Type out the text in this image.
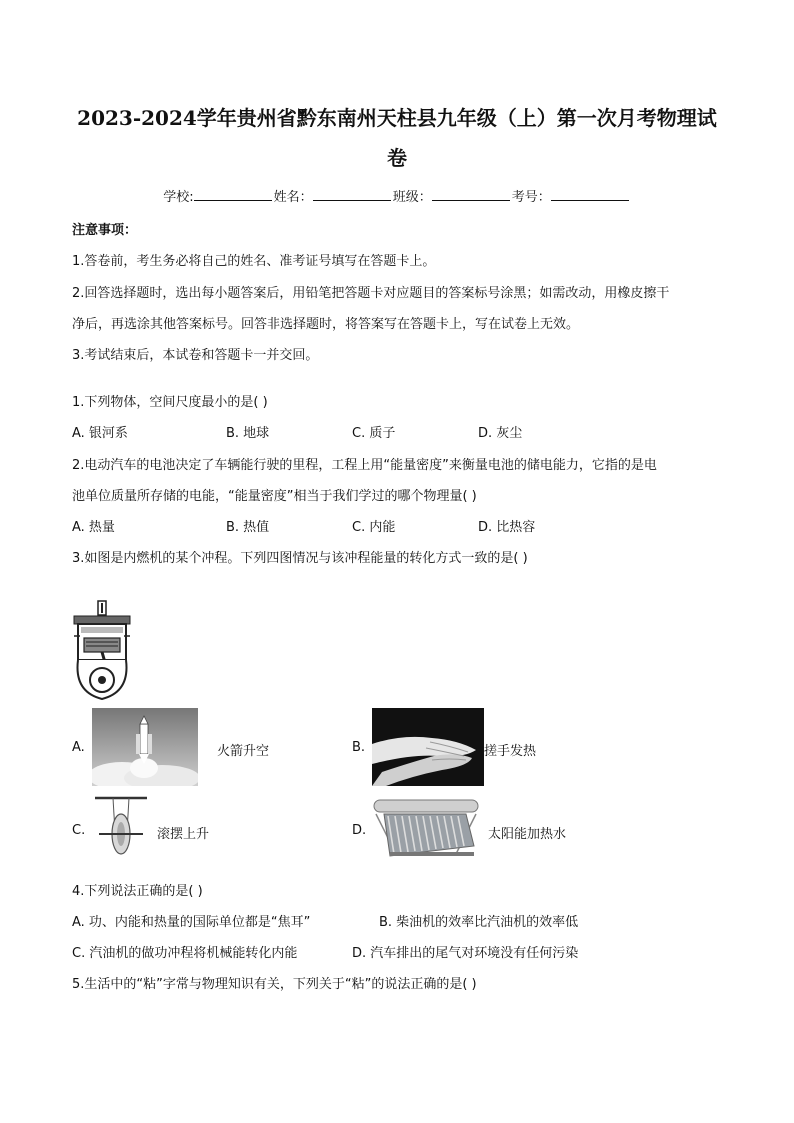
2023-2024学年贵州省黔东南州天柱县九年级（上）第一次月考物理试
卷
学校:	姓名：	班级：	考号：
注意事项：
1.答卷前，考生务必将自己的姓名、准考证号填写在答题卡上。
2.回答选择题时，选出每小题答案后，用铅笔把答题卡对应题目的答案标号涂黑；如需改动，用橡皮擦干
净后，再选涂其他答案标号。回答非选择题时，将答案写在答题卡上，写在试卷上无效。
3.考试结束后，本试卷和答题卡一并交回。
1.下列物体，空间尺度最小的是( )
A. 银河系	B. 地球	C. 质子	D. 灰尘
2.电动汽车的电池决定了车辆能行驶的里程，工程上用“能量密度”来衡量电池的储电能力，它指的是电
池单位质量所存储的电能，“能量密度”相当于我们学过的哪个物理量( )
A. 热量	B. 热值	C. 内能	D. 比热容
3.如图是内燃机的某个冲程。下列四图情况与该冲程能量的转化方式一致的是( )
A.	火箭升空	B.	搓手发热
C.	滚摆上升	D.	太阳能加热水
4.下列说法正确的是( )
A. 功、内能和热量的国际单位都是“焦耳”	B. 柴油机的效率比汽油机的效率低
C. 汽油机的做功冲程将机械能转化内能	D. 汽车排出的尾气对环境没有任何污染
5.生活中的“粘”字常与物理知识有关，下列关于“粘”的说法正确的是( )
